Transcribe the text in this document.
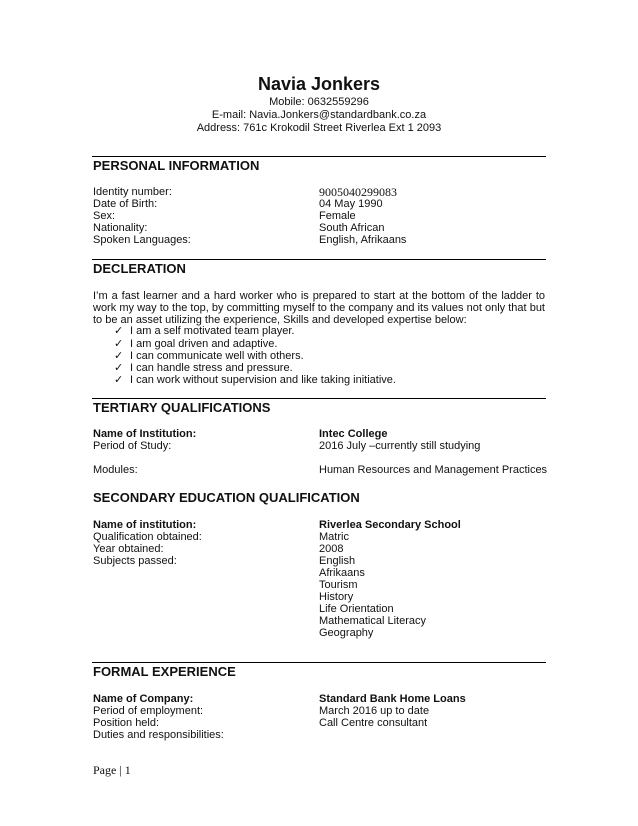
Navia Jonkers
Mobile: 0632559296
E-mail: Navia.Jonkers@standardbank.co.za
Address: 761c Krokodil Street Riverlea Ext 1 2093
PERSONAL INFORMATION
Identity number:	9005040299083
Date of Birth:	04 May 1990
Sex:	Female
Nationality:	South African
Spoken Languages:	English, Afrikaans
DECLERATION
I’m a fast learner and a hard worker who is prepared to start at the bottom of the ladder to work my way to the top, by committing myself to the company and its values not only that but to be an asset utilizing the experience, Skills and developed expertise below:
✓ I am a self motivated team player.
✓ I am goal driven and adaptive.
✓ I can communicate well with others.
✓ I can handle stress and pressure.
✓ I can work without supervision and like taking initiative.
TERTIARY QUALIFICATIONS
Name of Institution:	Intec College
Period of Study:	2016 July –currently still studying
Modules:	Human Resources and Management Practices
SECONDARY EDUCATION QUALIFICATION
Name of institution:	Riverlea Secondary School
Qualification obtained:	Matric
Year obtained:	2008
Subjects passed:	English
Afrikaans
Tourism
History
Life Orientation
Mathematical Literacy
Geography
FORMAL EXPERIENCE
Name of Company:	Standard Bank Home Loans
Period of employment:	March 2016 up to date
Position held:	Call Centre consultant
Duties and responsibilities:
Page | 1
